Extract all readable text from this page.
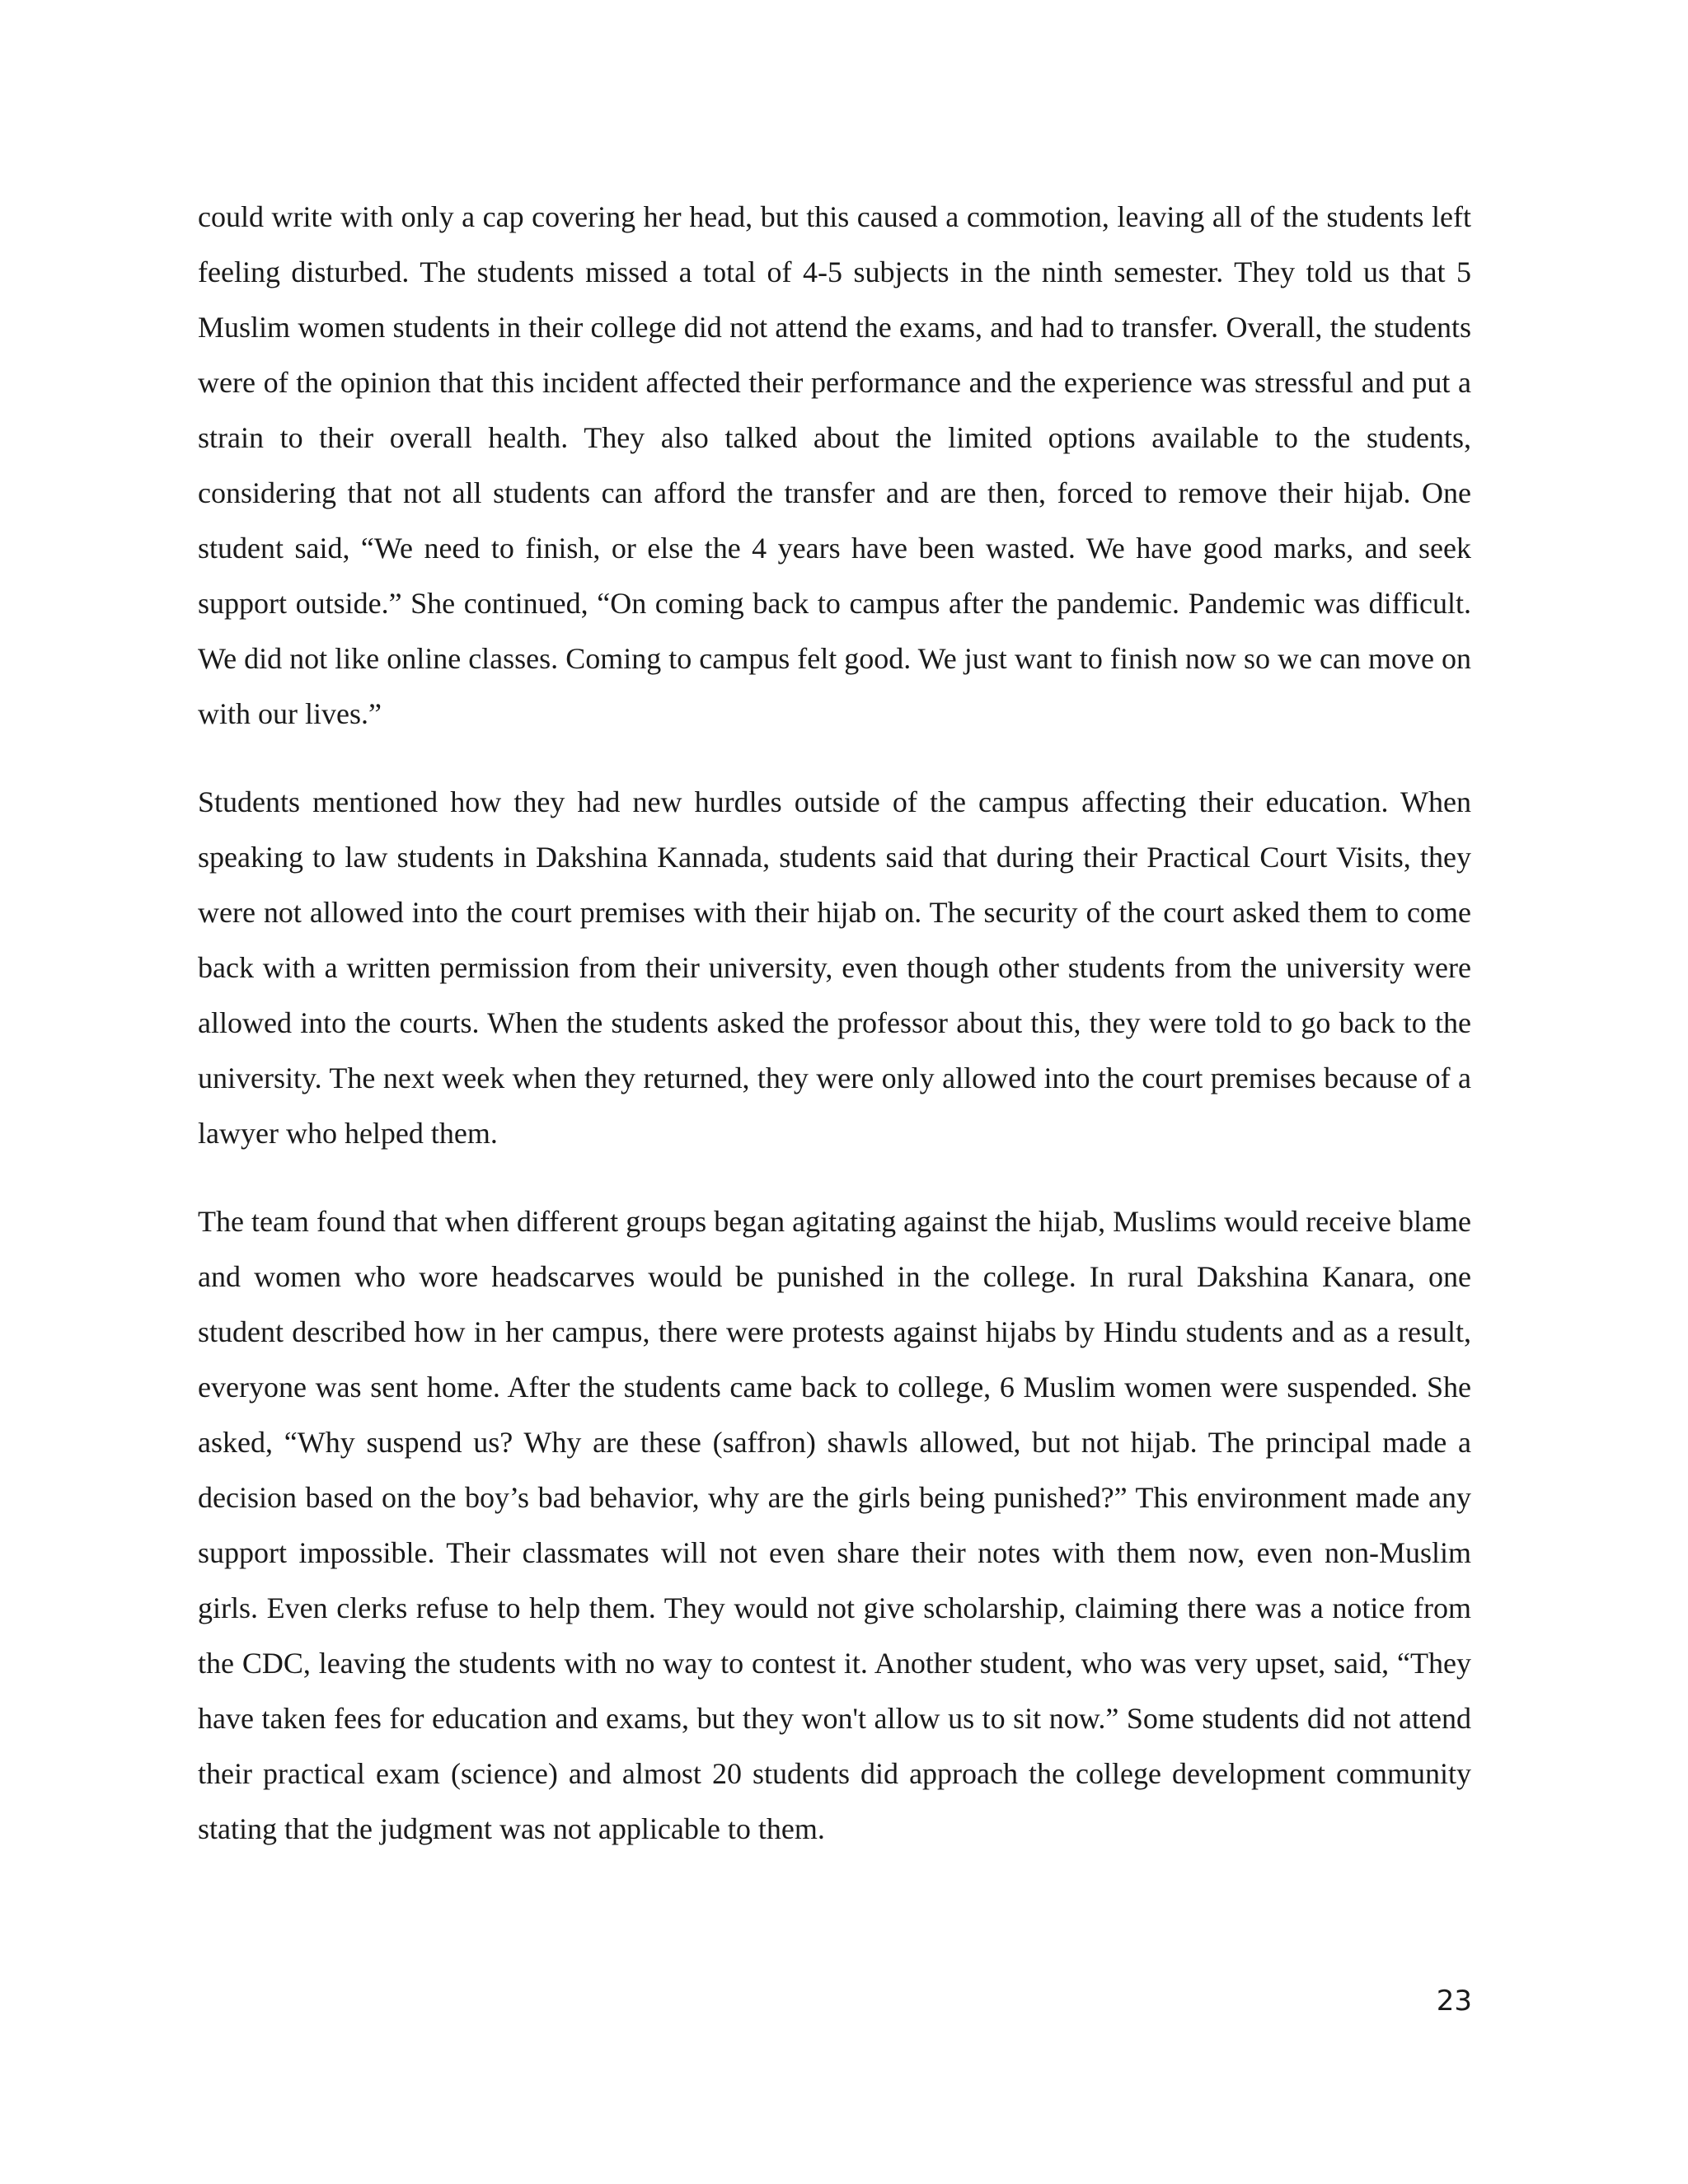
could write with only a cap covering her head, but this caused a commotion, leaving all of the students left feeling disturbed. The students missed a total of 4-5 subjects in the ninth semester. They told us that 5 Muslim women students in their college did not attend the exams, and had to transfer. Overall, the students were of the opinion that this incident affected their performance and the experience was stressful and put a strain to their overall health. They also talked about the limited options available to the students, considering that not all students can afford the transfer and are then, forced to remove their hijab. One student said, “We need to finish, or else the 4 years have been wasted. We have good marks, and seek support outside.” She continued, “On coming back to campus after the pandemic. Pandemic was difficult. We did not like online classes. Coming to campus felt good. We just want to finish now so we can move on with our lives.”

Students mentioned how they had new hurdles outside of the campus affecting their education. When speaking to law students in Dakshina Kannada, students said that during their Practical Court Visits, they were not allowed into the court premises with their hijab on. The security of the court asked them to come back with a written permission from their university, even though other students from the university were allowed into the courts. When the students asked the professor about this, they were told to go back to the university. The next week when they returned, they were only allowed into the court premises because of a lawyer who helped them.

The team found that when different groups began agitating against the hijab, Muslims would receive blame and women who wore headscarves would be punished in the college. In rural Dakshina Kanara, one student described how in her campus, there were protests against hijabs by Hindu students and as a result, everyone was sent home. After the students came back to college, 6 Muslim women were suspended. She asked, “Why suspend us? Why are these (saffron) shawls allowed, but not hijab. The principal made a decision based on the boy’s bad behavior, why are the girls being punished?” This environment made any support impossible. Their classmates will not even share their notes with them now, even non-Muslim girls. Even clerks refuse to help them. They would not give scholarship, claiming there was a notice from the CDC, leaving the students with no way to contest it. Another student, who was very upset, said, “They have taken fees for education and exams, but they won't allow us to sit now.” Some students did not attend their practical exam (science) and almost 20 students did approach the college development community stating that the judgment was not applicable to them.

23
